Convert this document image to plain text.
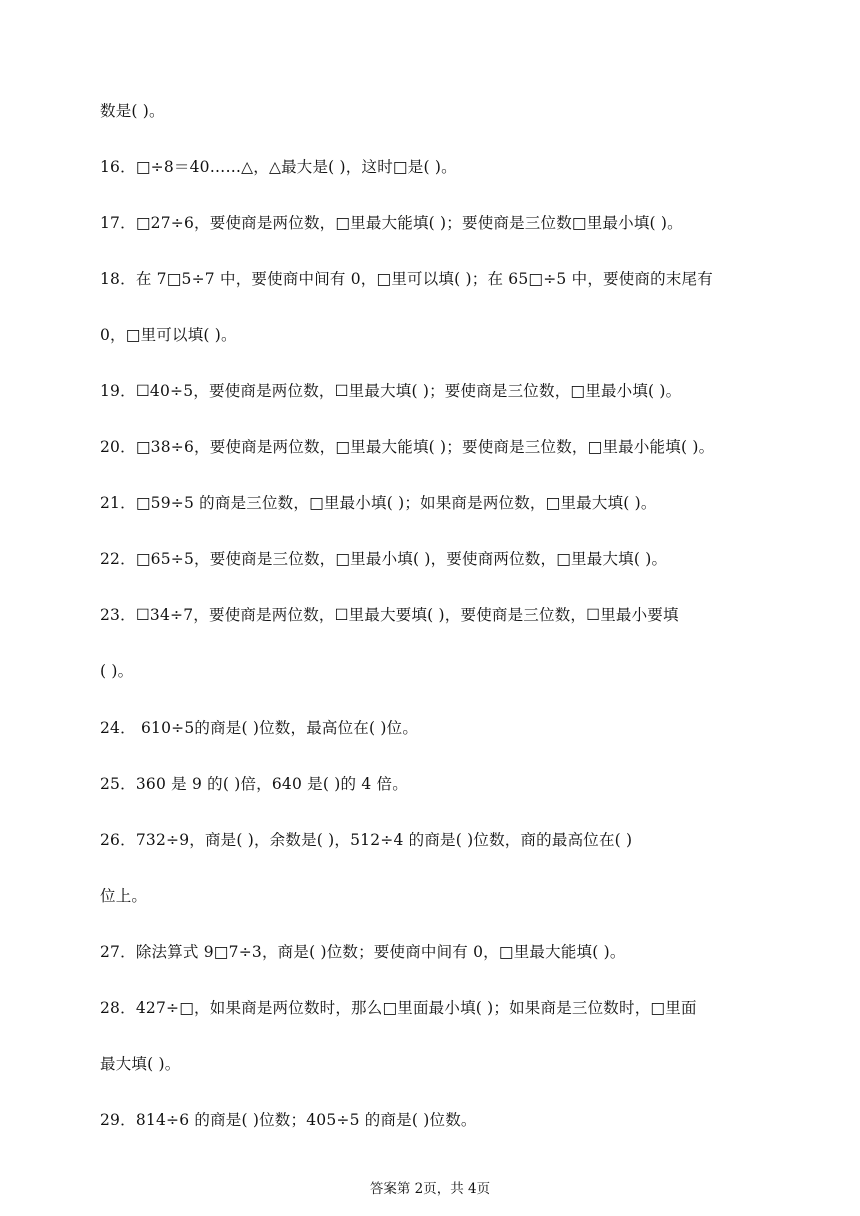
数是( )。
16．□÷8＝40……△，△最大是( )，这时□是( )。
17．□27÷6，要使商是两位数，□里最大能填( )；要使商是三位数□里最小填( )。
18．在 7□5÷7 中，要使商中间有 0，□里可以填( )；在 65□÷5 中，要使商的末尾有
0，□里可以填( )。
19．☐40÷5，要使商是两位数，☐里最大填( )；要使商是三位数，□里最小填( )。
20．□38÷6，要使商是两位数，□里最大能填( )；要使商是三位数，□里最小能填( )。
21．□59÷5 的商是三位数，□里最小填( )；如果商是两位数，□里最大填( )。
22．□65÷5，要使商是三位数，□里最小填( )，要使商两位数，□里最大填( )。
23．☐34÷7，要使商是两位数，☐里最大要填( )，要使商是三位数，☐里最小要填
( )。
24． 610÷5的商是( )位数，最高位在( )位。
25．360 是 9 的( )倍，640 是( )的 4 倍。
26．732÷9，商是( )，余数是( )，512÷4 的商是( )位数，商的最高位在( )
位上。
27．除法算式 9□7÷3，商是( )位数；要使商中间有 0，□里最大能填( )。
28．427÷□，如果商是两位数时，那么□里面最小填( )；如果商是三位数时，□里面
最大填( )。
29．814÷6 的商是( )位数；405÷5 的商是( )位数。
答案第 2页，共 4页
